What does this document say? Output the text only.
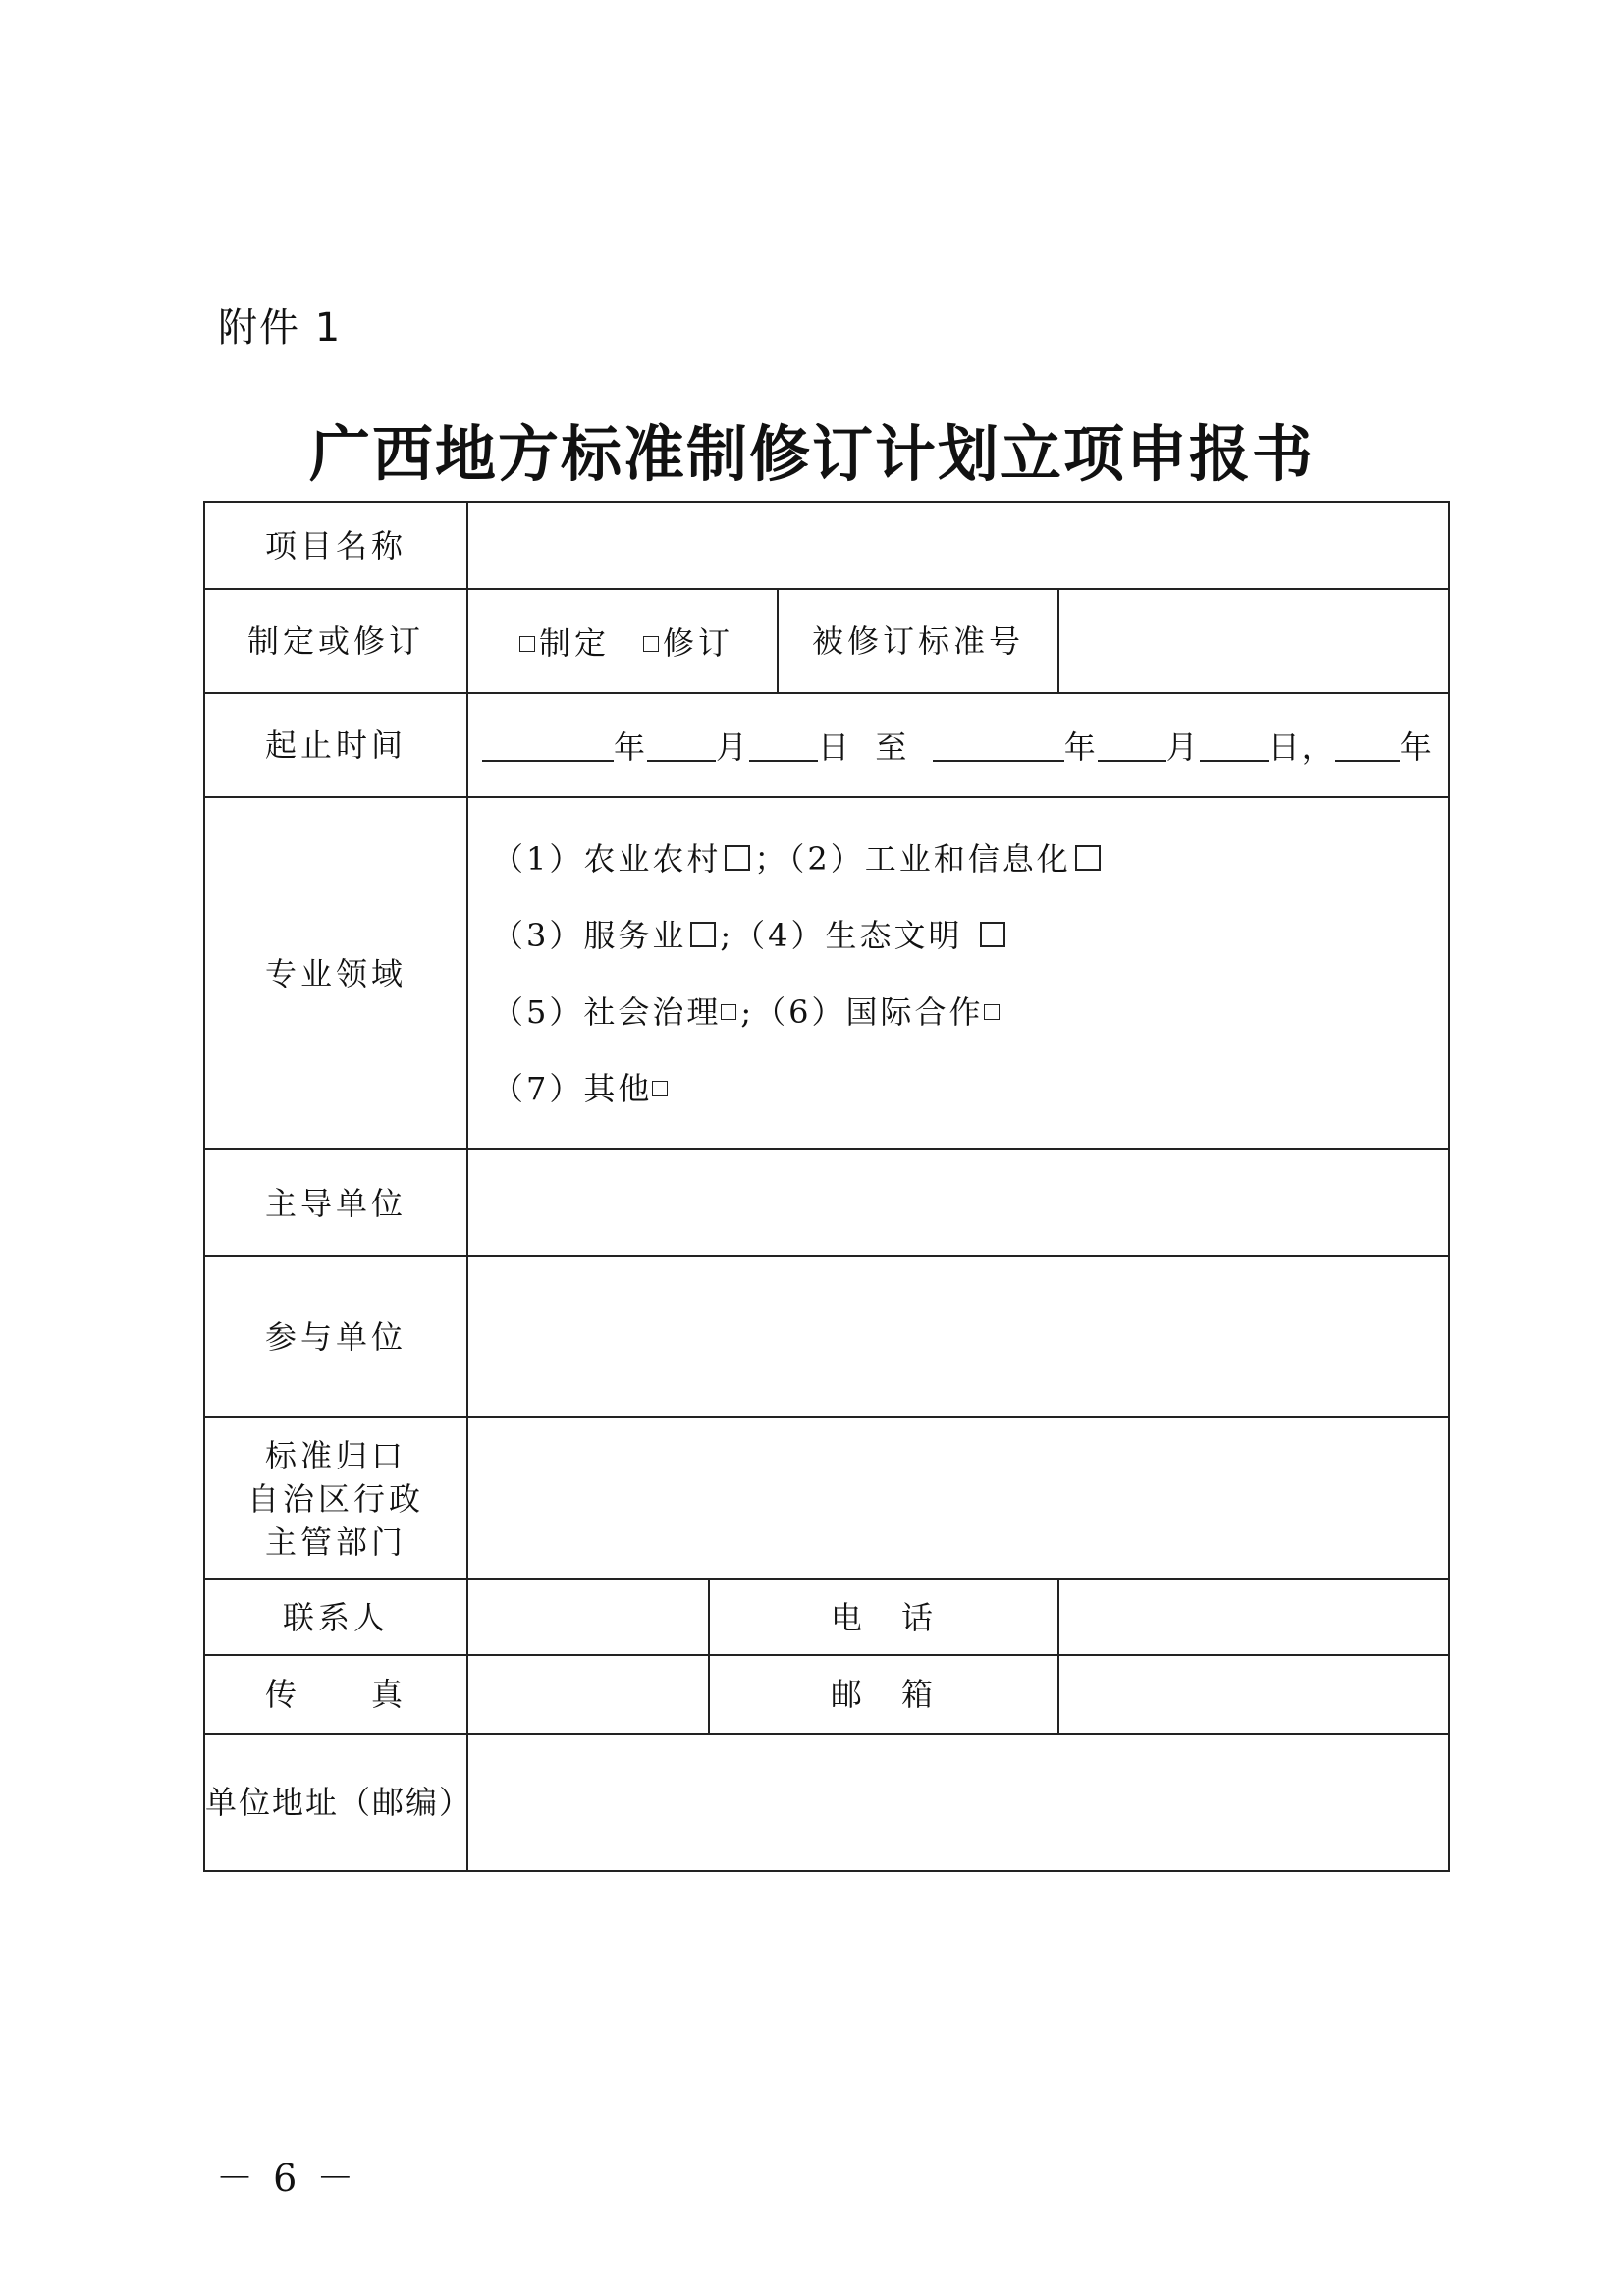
附件 1
广西地方标准制修订计划立项申报书
项目名称				
制定或修订	制定 修订		被修订标准号	
起止时间	年 月 日 至 年 月 日， 年			
专业领域	（1）农业农村 ；（2）工业和信息化
（3）服务业 ;（4）生态文明
（5）社会治理 ;（6）国际合作
（7）其他			

主导单位				
参与单位				

标准归口
自治区行政
主管部门				

联系人		电　话		
传　　真		邮　箱		
单位地址（邮编）				
－ 6 －
